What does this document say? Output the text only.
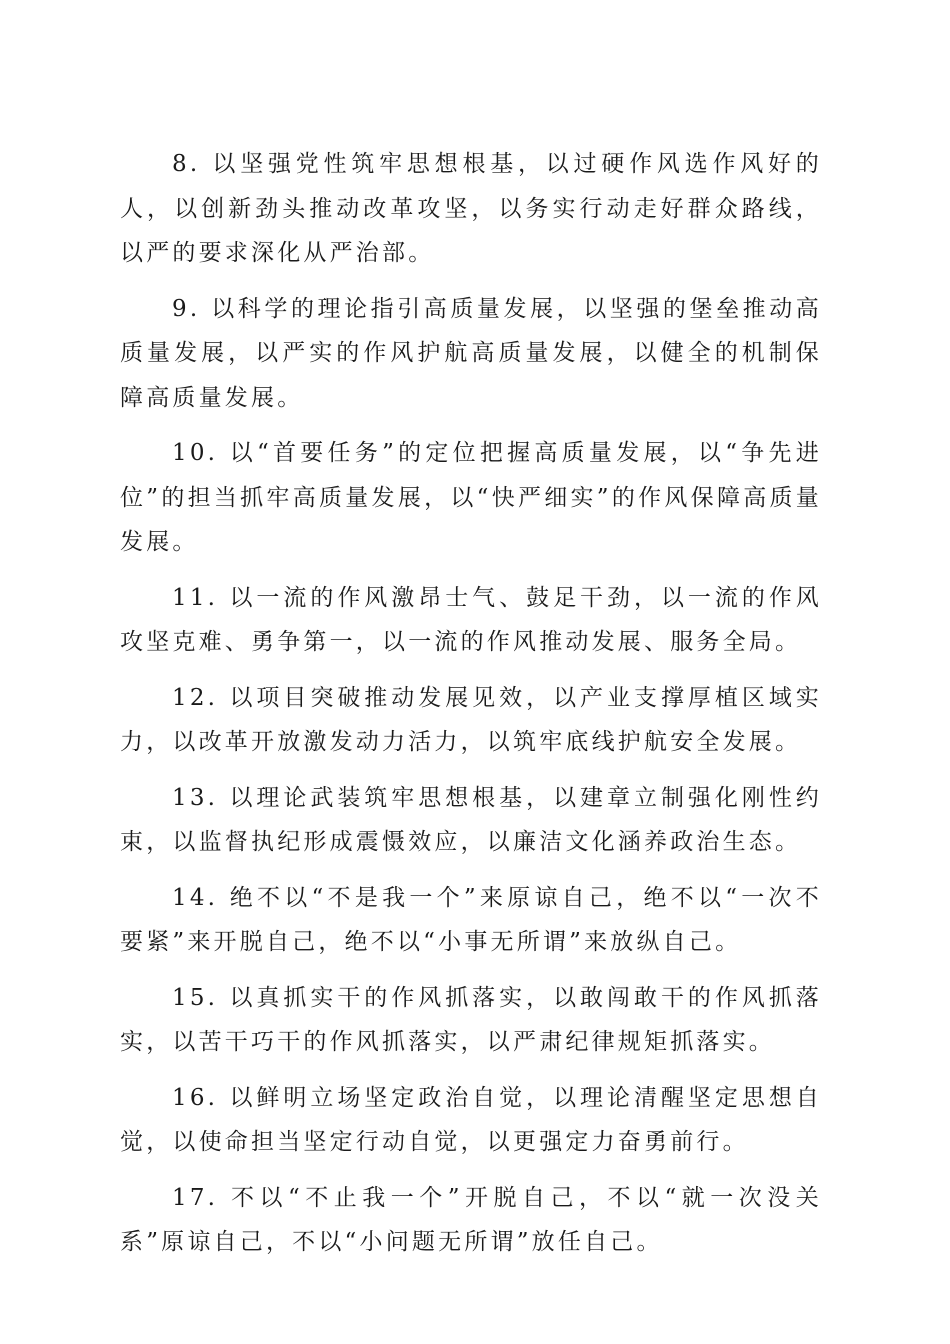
8. 以坚强党性筑牢思想根基，以过硬作风选作风好的人，以创新劲头推动改革攻坚，以务实行动走好群众路线，以严的要求深化从严治部。

9. 以科学的理论指引高质量发展，以坚强的堡垒推动高质量发展，以严实的作风护航高质量发展，以健全的机制保障高质量发展。

10. 以“首要任务”的定位把握高质量发展，以“争先进位”的担当抓牢高质量发展，以“快严细实”的作风保障高质量发展。

11. 以一流的作风激昂士气、鼓足干劲，以一流的作风攻坚克难、勇争第一，以一流的作风推动发展、服务全局。

12. 以项目突破推动发展见效，以产业支撑厚植区域实力，以改革开放激发动力活力，以筑牢底线护航安全发展。

13. 以理论武装筑牢思想根基，以建章立制强化刚性约束，以监督执纪形成震慑效应，以廉洁文化涵养政治生态。

14. 绝不以“不是我一个”来原谅自己，绝不以“一次不要紧”来开脱自己，绝不以“小事无所谓”来放纵自己。

15. 以真抓实干的作风抓落实，以敢闯敢干的作风抓落实，以苦干巧干的作风抓落实，以严肃纪律规矩抓落实。

16. 以鲜明立场坚定政治自觉，以理论清醒坚定思想自觉，以使命担当坚定行动自觉，以更强定力奋勇前行。

17. 不以“不止我一个”开脱自己，不以“就一次没关系”原谅自己，不以“小问题无所谓”放任自己。
